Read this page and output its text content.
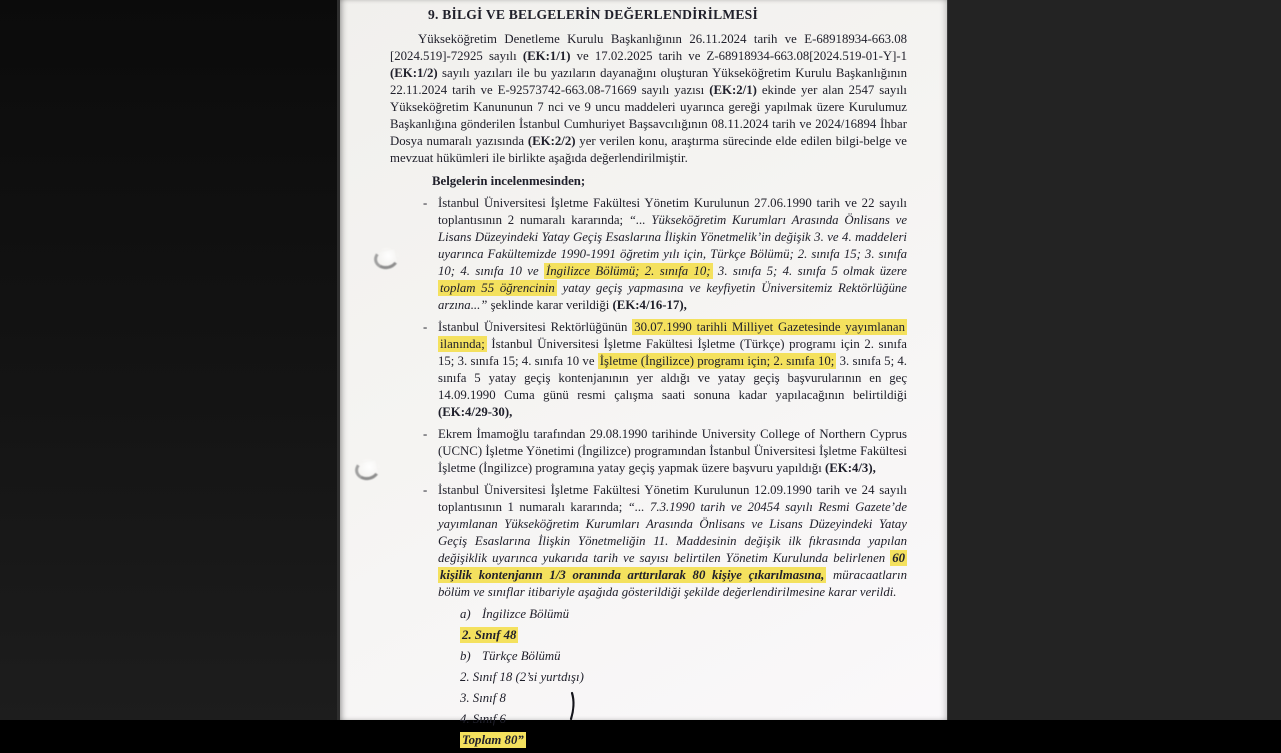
9. BİLGİ VE BELGELERİN DEĞERLENDİRİLMESİ
Yükseköğretim Denetleme Kurulu Başkanlığının 26.11.2024 tarih ve E-68918934-663.08 [2024.519]-72925 sayılı (EK:1/1) ve 17.02.2025 tarih ve Z-68918934-663.08[2024.519-01-Y]-1 (EK:1/2) sayılı yazıları ile bu yazıların dayanağını oluşturan Yükseköğretim Kurulu Başkanlığının 22.11.2024 tarih ve E-92573742-663.08-71669 sayılı yazısı (EK:2/1) ekinde yer alan 2547 sayılı Yükseköğretim Kanununun 7 nci ve 9 uncu maddeleri uyarınca gereği yapılmak üzere Kurulumuz Başkanlığına gönderilen İstanbul Cumhuriyet Başsavcılığının 08.11.2024 tarih ve 2024/16894 İhbar Dosya numaralı yazısında (EK:2/2) yer verilen konu, araştırma sürecinde elde edilen bilgi-belge ve mevzuat hükümleri ile birlikte aşağıda değerlendirilmiştir.
Belgelerin incelenmesinden;
- İstanbul Üniversitesi İşletme Fakültesi Yönetim Kurulunun 27.06.1990 tarih ve 22 sayılı toplantısının 2 numaralı kararında; “... Yükseköğretim Kurumları Arasında Önlisans ve Lisans Düzeyindeki Yatay Geçiş Esaslarına İlişkin Yönetmelik’in değişik 3. ve 4. maddeleri uyarınca Fakültemizde 1990-1991 öğretim yılı için, Türkçe Bölümü; 2. sınıfa 15; 3. sınıfa 10; 4. sınıfa 10 ve İngilizce Bölümü; 2. sınıfa 10; 3. sınıfa 5; 4. sınıfa 5 olmak üzere toplam 55 öğrencinin yatay geçiş yapmasına ve keyfiyetin Üniversitemiz Rektörlüğüne arzına...” şeklinde karar verildiği (EK:4/16-17),
- İstanbul Üniversitesi Rektörlüğünün 30.07.1990 tarihli Milliyet Gazetesinde yayımlanan ilanında; İstanbul Üniversitesi İşletme Fakültesi İşletme (Türkçe) programı için 2. sınıfa 15; 3. sınıfa 15; 4. sınıfa 10 ve İşletme (İngilizce) programı için; 2. sınıfa 10; 3. sınıfa 5; 4. sınıfa 5 yatay geçiş kontenjanının yer aldığı ve yatay geçiş başvurularının en geç 14.09.1990 Cuma günü resmi çalışma saati sonuna kadar yapılacağının belirtildiği (EK:4/29-30),
- Ekrem İmamoğlu tarafından 29.08.1990 tarihinde University College of Northern Cyprus (UCNC) İşletme Yönetimi (İngilizce) programından İstanbul Üniversitesi İşletme Fakültesi İşletme (İngilizce) programına yatay geçiş yapmak üzere başvuru yapıldığı (EK:4/3),
- İstanbul Üniversitesi İşletme Fakültesi Yönetim Kurulunun 12.09.1990 tarih ve 24 sayılı toplantısının 1 numaralı kararında; “... 7.3.1990 tarih ve 20454 sayılı Resmi Gazete’de yayımlanan Yükseköğretim Kurumları Arasında Önlisans ve Lisans Düzeyindeki Yatay Geçiş Esaslarına İlişkin Yönetmeliğin 11. Maddesinin değişik ilk fıkrasında yapılan değişiklik uyarınca yukarıda tarih ve sayısı belirtilen Yönetim Kurulunda belirlenen 60 kişilik kontenjanın 1/3 oranında arttırılarak 80 kişiye çıkarılmasına, müracaatların bölüm ve sınıflar itibariyle aşağıda gösterildiği şekilde değerlendirilmesine karar verildi.
a) İngilizce Bölümü
2. Sınıf 48
b) Türkçe Bölümü
2. Sınıf 18 (2’si yurtdışı)
3. Sınıf 8
4. Sınıf 6
Toplam 80”
